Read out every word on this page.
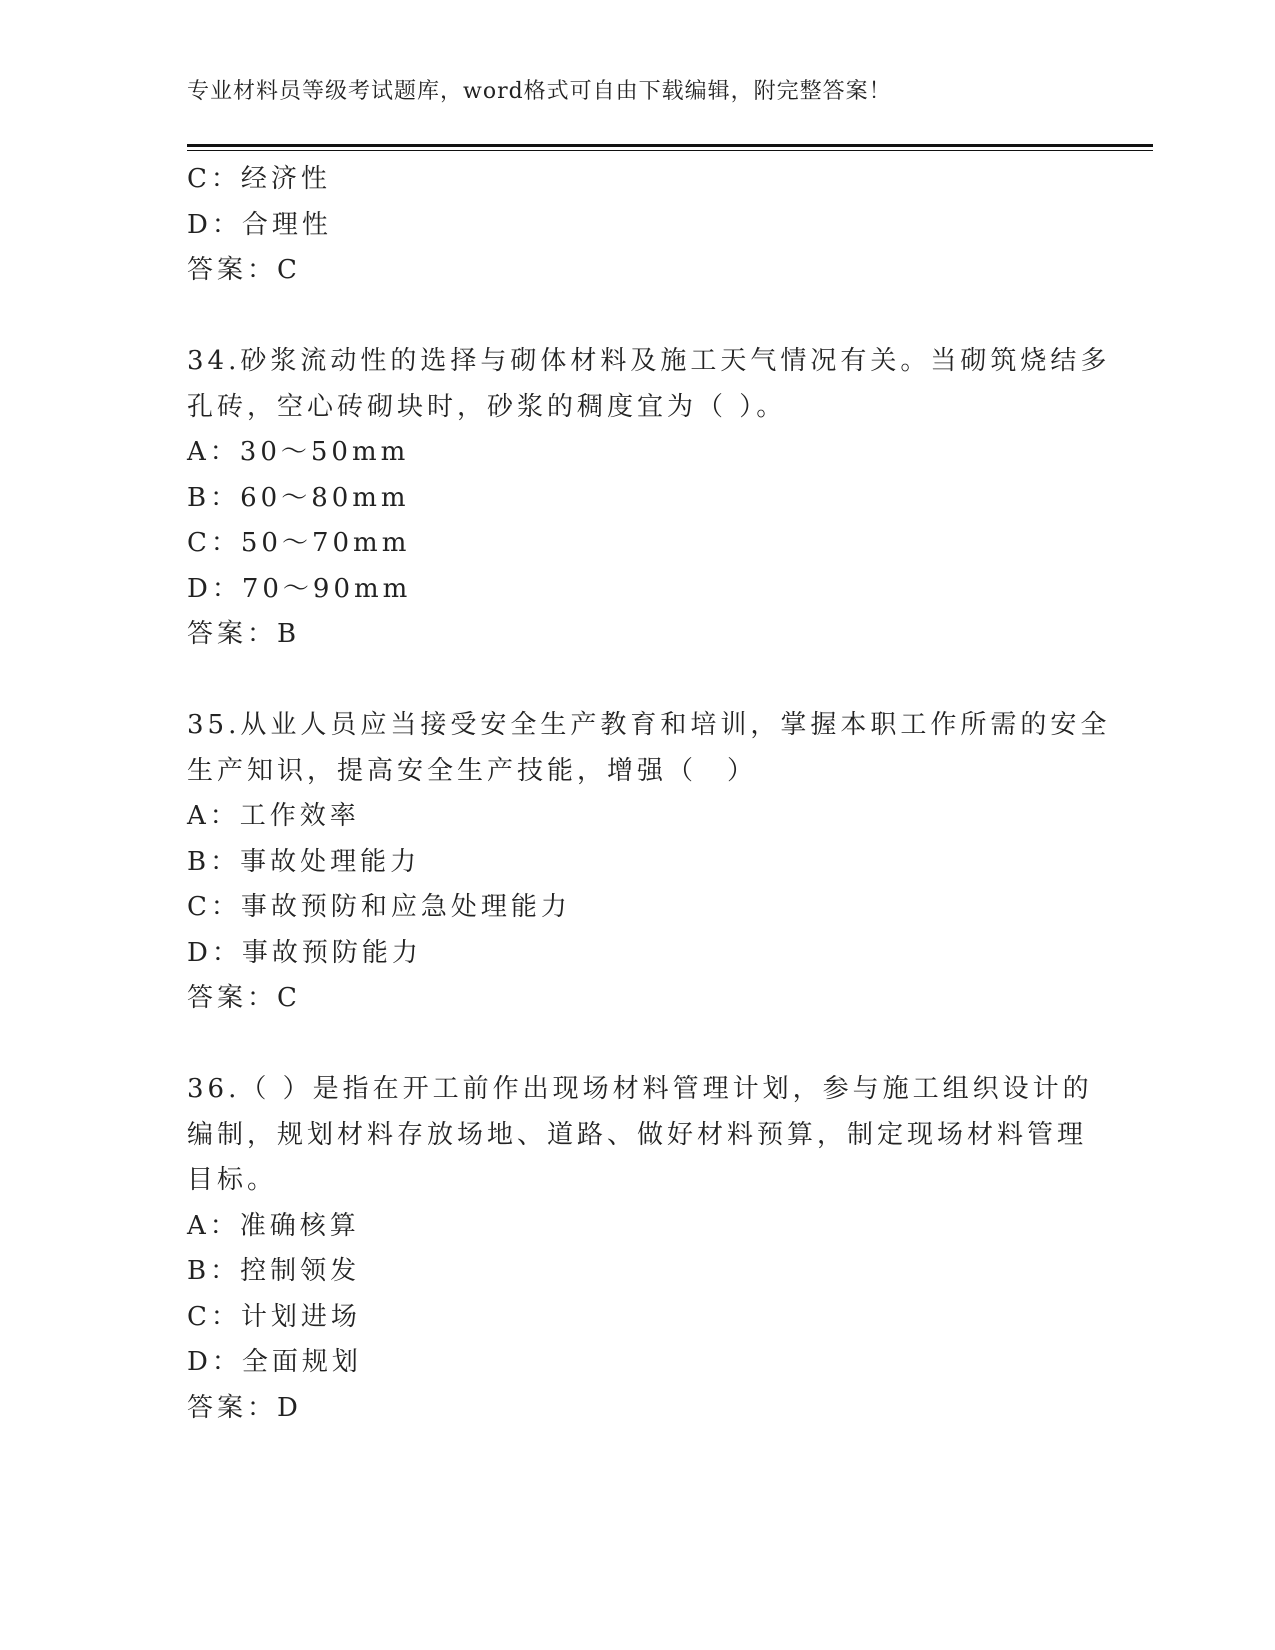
专业材料员等级考试题库，word格式可自由下载编辑，附完整答案！
C：经济性
D：合理性
答案：C
34.砂浆流动性的选择与砌体材料及施工天气情况有关。当砌筑烧结多
孔砖，空心砖砌块时，砂浆的稠度宜为（ ）。
A：30～50mm
B：60～80mm
C：50～70mm
D：70～90mm
答案：B
35.从业人员应当接受安全生产教育和培训，掌握本职工作所需的安全
生产知识，提高安全生产技能，增强（　）
A：工作效率
B：事故处理能力
C：事故预防和应急处理能力
D：事故预防能力
答案：C
36.（ ）是指在开工前作出现场材料管理计划，参与施工组织设计的
编制，规划材料存放场地、道路、做好材料预算，制定现场材料管理
目标。
A：准确核算
B：控制领发
C：计划进场
D：全面规划
答案：D
